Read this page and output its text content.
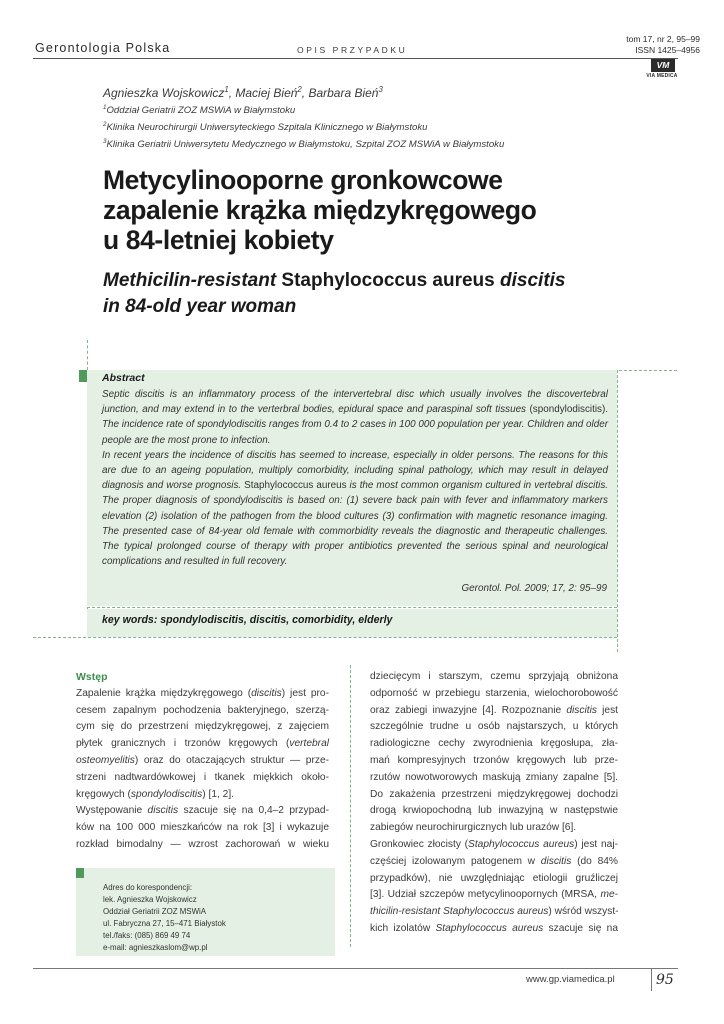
Gerontologia Polska	OPIS PRZYPADKU
tom 17, nr 2, 95–99
ISSN 1425–4956
VM
VIA MEDICA
Agnieszka Wojskowicz$^1$, Maciej Bień$^2$, Barbara Bień$^3$
$^1$Oddział Geriatrii ZOZ MSWiA w Białymstoku
$^2$Klinika Neurochirurgii Uniwersyteckiego Szpitala Klinicznego w Białymstoku
$^3$Klinika Geriatrii Uniwersytetu Medycznego w Białymstoku, Szpital ZOZ MSWiA w Białymstoku
Metycylinooporne gronkowcowe
zapalenie krążka międzykręgowego
u 84-letniej kobiety
Methicilin-resistant Staphylococcus aureus discitis
in 84-old year woman
Abstract

Septic discitis is an inflammatory process of the intervertebral disc which usually involves the discovertebral junction, and may extend in to the verterbral bodies, epidural space and paraspinal soft tissues (spondylodiscitis). The incidence rate of spondylodiscitis ranges from 0.4 to 2 cases in 100 000 population per year. Children and older people are the most prone to infection.

In recent years the incidence of discitis has seemed to increase, especially in older persons. The reasons for this are due to an ageing population, multiply comorbidity, including spinal pathology, which may result in delayed diagnosis and worse prognosis. Staphylococcus aureus is the most common organism cultured in vertebral discitis. The proper diagnosis of spondylodiscitis is based on: (1) severe back pain with fever and inflammatory markers elevation (2) isolation of the pathogen from the blood cultures (3) confirmation with magnetic resonance imaging. The presented case of 84-year old female with commorbidity reveals the diagnostic and therapeutic challenges. The typical prolonged course of therapy with proper antibiotics prevented the serious spinal and neurological complications and resulted in full recovery.

Gerontol. Pol. 2009; 17, 2: 95–99
key words: spondylodiscitis, discitis, comorbidity, elderly
Wstęp
Zapalenie krążka międzykręgowego (discitis) jest pro-
cesem zapalnym pochodzenia bakteryjnego, szerzą-
cym się do przestrzeni międzykręgowej, z zajęciem
płytek granicznych i trzonów kręgowych (vertebral
osteomyelitis) oraz do otaczających struktur — prze-
strzeni nadtwardówkowej i tkanek miękkich około-
kręgowych (spondylodiscitis) [1, 2].
Występowanie discitis szacuje się na 0,4–2 przypad-
ków na 100 000 mieszkańców na rok [3] i wykazuje
rozkład bimodalny — wzrost zachorowań w wieku
dziecięcym i starszym, czemu sprzyjają obniżona
odporność w przebiegu starzenia, wielochorobowość
oraz zabiegi inwazyjne [4]. Rozpoznanie discitis jest
szczególnie trudne u osób najstarszych, u których
radiologiczne cechy zwyrodnienia kręgosłupa, zła-
mań kompresyjnych trzonów kręgowych lub prze-
rzutów nowotworowych maskują zmiany zapalne [5].
Do zakażenia przestrzeni międzykręgowej dochodzi
drogą krwiopochodną lub inwazyjną w następstwie
zabiegów neurochirurgicznych lub urazów [6].
Gronkowiec złocisty (Staphylococcus aureus) jest naj-
częściej izolowanym patogenem w discitis (do 84%
przypadków), nie uwzględniając etiologii gruźliczej
[3]. Udział szczepów metycylinoopornych (MRSA, me-
thicilin-resistant Staphylococcus aureus) wśród wszyst-
kich izolatów Staphylococcus aureus szacuje się na
Adres do korespondencji:
lek. Agnieszka Wojskowicz
Oddział Geriatrii ZOZ MSWiA
ul. Fabryczna 27, 15–471 Białystok
tel./faks: (085) 869 49 74
e-mail: agnieszkaslom@wp.pl
www.gp.viamedica.pl	95
